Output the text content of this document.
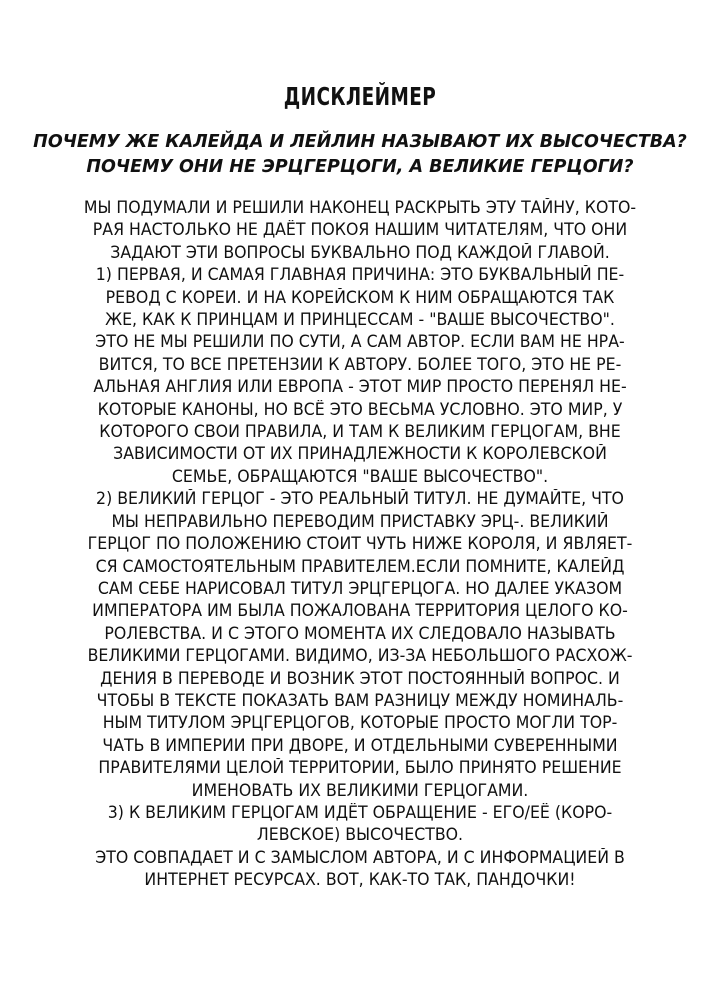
ДИСКЛЕЙМЕР
ПОЧЕМУ ЖЕ КАЛЕЙДА И ЛЕЙЛИН НАЗЫВАЮТ ИХ ВЫСОЧЕСТВА?
ПОЧЕМУ ОНИ НЕ ЭРЦГЕРЦОГИ, А ВЕЛИКИЕ ГЕРЦОГИ?
МЫ ПОДУМАЛИ И РЕШИЛИ НАКОНЕЦ РАСКРЫТЬ ЭТУ ТАЙНУ, КОТО-
РАЯ НАСТОЛЬКО НЕ ДАЁТ ПОКОЯ НАШИМ ЧИТАТЕЛЯМ, ЧТО ОНИ
ЗАДАЮТ ЭТИ ВОПРОСЫ БУКВАЛЬНО ПОД КАЖДОЙ ГЛАВОЙ.
1) ПЕРВАЯ, И САМАЯ ГЛАВНАЯ ПРИЧИНА: ЭТО БУКВАЛЬНЫЙ ПЕ-
РЕВОД С КОРЕИ. И НА КОРЕЙСКОМ К НИМ ОБРАЩАЮТСЯ ТАК
ЖЕ, КАК К ПРИНЦАМ И ПРИНЦЕССАМ - "ВАШЕ ВЫСОЧЕСТВО".
ЭТО НЕ МЫ РЕШИЛИ ПО СУТИ, А САМ АВТОР. ЕСЛИ ВАМ НЕ НРА-
ВИТСЯ, ТО ВСЕ ПРЕТЕНЗИИ К АВТОРУ. БОЛЕЕ ТОГО, ЭТО НЕ РЕ-
АЛЬНАЯ АНГЛИЯ ИЛИ ЕВРОПА - ЭТОТ МИР ПРОСТО ПЕРЕНЯЛ НЕ-
КОТОРЫЕ КАНОНЫ, НО ВСЁ ЭТО ВЕСЬМА УСЛОВНО. ЭТО МИР, У
КОТОРОГО СВОИ ПРАВИЛА, И ТАМ К ВЕЛИКИМ ГЕРЦОГАМ, ВНЕ
ЗАВИСИМОСТИ ОТ ИХ ПРИНАДЛЕЖНОСТИ К КОРОЛЕВСКОЙ
СЕМЬЕ, ОБРАЩАЮТСЯ "ВАШЕ ВЫСОЧЕСТВО".
2) ВЕЛИКИЙ ГЕРЦОГ - ЭТО РЕАЛЬНЫЙ ТИТУЛ. НЕ ДУМАЙТЕ, ЧТО
МЫ НЕПРАВИЛЬНО ПЕРЕВОДИМ ПРИСТАВКУ ЭРЦ-. ВЕЛИКИЙ
ГЕРЦОГ ПО ПОЛОЖЕНИЮ СТОИТ ЧУТЬ НИЖЕ КОРОЛЯ, И ЯВЛЯЕТ-
СЯ САМОСТОЯТЕЛЬНЫМ ПРАВИТЕЛЕМ.ЕСЛИ ПОМНИТЕ, КАЛЕЙД
САМ СЕБЕ НАРИСОВАЛ ТИТУЛ ЭРЦГЕРЦОГА. НО ДАЛЕЕ УКАЗОМ
ИМПЕРАТОРА ИМ БЫЛА ПОЖАЛОВАНА ТЕРРИТОРИЯ ЦЕЛОГО КО-
РОЛЕВСТВА. И С ЭТОГО МОМЕНТА ИХ СЛЕДОВАЛО НАЗЫВАТЬ
ВЕЛИКИМИ ГЕРЦОГАМИ. ВИДИМО, ИЗ-ЗА НЕБОЛЬШОГО РАСХОЖ-
ДЕНИЯ В ПЕРЕВОДЕ И ВОЗНИК ЭТОТ ПОСТОЯННЫЙ ВОПРОС. И
ЧТОБЫ В ТЕКСТЕ ПОКАЗАТЬ ВАМ РАЗНИЦУ МЕЖДУ НОМИНАЛЬ-
НЫМ ТИТУЛОМ ЭРЦГЕРЦОГОВ, КОТОРЫЕ ПРОСТО МОГЛИ ТОР-
ЧАТЬ В ИМПЕРИИ ПРИ ДВОРЕ, И ОТДЕЛЬНЫМИ СУВЕРЕННЫМИ
ПРАВИТЕЛЯМИ ЦЕЛОЙ ТЕРРИТОРИИ, БЫЛО ПРИНЯТО РЕШЕНИЕ
ИМЕНОВАТЬ ИХ ВЕЛИКИМИ ГЕРЦОГАМИ.
3) К ВЕЛИКИМ ГЕРЦОГАМ ИДЁТ ОБРАЩЕНИЕ - ЕГО/ЕЁ (КОРО-
ЛЕВСКОЕ) ВЫСОЧЕСТВО.
ЭТО СОВПАДАЕТ И С ЗАМЫСЛОМ АВТОРА, И С ИНФОРМАЦИЕЙ В
ИНТЕРНЕТ РЕСУРСАХ. ВОТ, КАК-ТО ТАК, ПАНДОЧКИ!
